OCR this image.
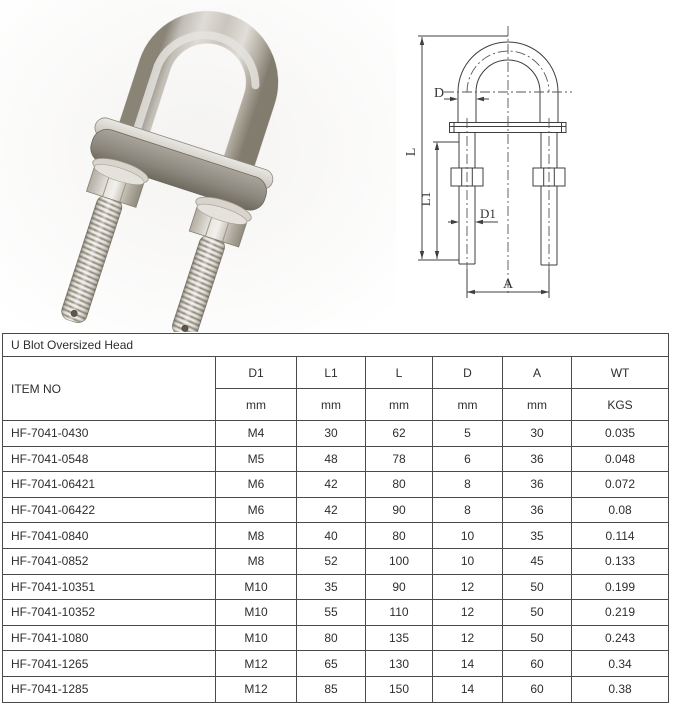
L
L1
D
D1
A
U Blot Oversized Head						
ITEM NO	D1	L1	L	D	A	WT
	mm	mm	mm	mm	mm	KGS
HF-7041-0430	M4	30	62	5	30	0.035
HF-7041-0548	M5	48	78	6	36	0.048
HF-7041-06421	M6	42	80	8	36	0.072
HF-7041-06422	M6	42	90	8	36	0.08
HF-7041-0840	M8	40	80	10	35	0.114
HF-7041-0852	M8	52	100	10	45	0.133
HF-7041-10351	M10	35	90	12	50	0.199
HF-7041-10352	M10	55	110	12	50	0.219
HF-7041-1080	M10	80	135	12	50	0.243
HF-7041-1265	M12	65	130	14	60	0.34
HF-7041-1285	M12	85	150	14	60	0.38
